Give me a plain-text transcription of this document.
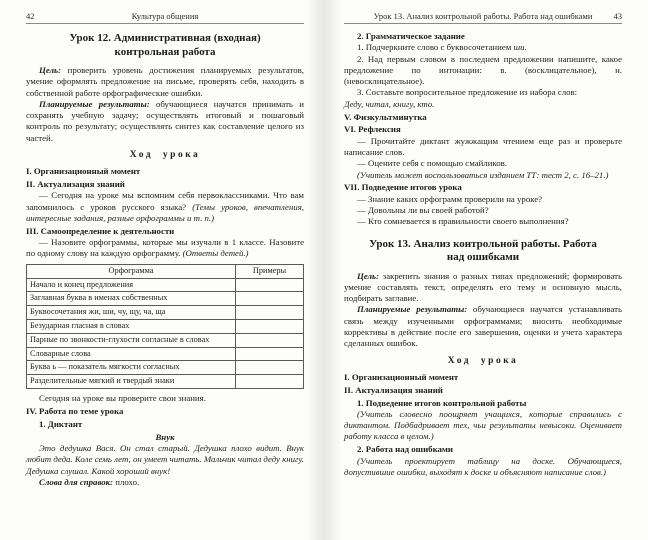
42	Культура общения
Урок 12. Административная (входная) контрольная работа

Цель: проверить уровень достижения планируемых результатов, умение оформлять предложение на письме, проверять себя, находить в собственной работе орфографические ошибки.

Планируемые результаты: обучающиеся научатся принимать и сохранять учебную задачу; осуществлять итоговый и пошаговый контроль по результату; осуществлять синтез как составление целого из частей.

Ход урока

I. Организационный момент

II. Актуализация знаний

— Сегодня на уроке мы вспомним себя первоклассниками. Что вам запомнилось с уроков русского языка? (Темы уроков, впечатления, интересные задания, разные орфограммы и т. п.)

III. Самоопределение к деятельности

— Назовите орфограммы, которые мы изучали в 1 классе. Назовите по одному слову на каждую орфограмму. (Ответы детей.)

Орфограмма	Примеры
Начало и конец предложения	
Заглавная буква в именах собственных	
Буквосочетания жи, ши, чу, щу, ча, ща	
Безударная гласная в словах	
Парные по звонкости-глухости согласные в словах	
Словарные слова	
Буква ь — показатель мягкости согласных	
Разделительные мягкий и твердый знаки	

Сегодня на уроке вы проверите свои знания.

IV. Работа по теме урока

1. Диктант

Внук

Это дедушка Вася. Он стал старый. Дедушка плохо видит. Внук любит деда. Коле семь лет, он умеет читать. Мальчик читал деду книгу. Дедушка слушал. Какой хороший внук!

Слова для справок: плохо.

Урок 13. Анализ контрольной работы. Работа над ошибками	43

2. Грамматическое задание

1. Подчеркните слово с буквосочетанием ши.

2. Над первым словом в последнем предложении напишите, какое предложение по интонации: в. (восклицательное), н. (невосклицательное).

3. Составьте вопросительное предложение из набора слов:

Деду, читал, книгу, кто.

V. Физкультминутка

VI. Рефлексия

— Прочитайте диктант жужжащим чтением еще раз и проверьте написание слов.

— Оцените себя с помощью смайликов.

(Учитель может воспользоваться изданием ТТ: тест 2, с. 16–21.)

VII. Подведение итогов урока

— Знание каких орфограмм проверили на уроке?

— Довольны ли вы своей работой?

— Кто сомневается в правильности своего выполнения?

Урок 13. Анализ контрольной работы. Работа над ошибками

Цель: закрепить знания о разных типах предложений; формировать умение составлять текст, определять его тему и основную мысль, подбирать заглавие.

Планируемые результаты: обучающиеся научатся устанавливать связь между изученными орфограммами; вносить необходимые коррективы в действие после его завершения, оценки и учета характера сделанных ошибок.

Ход урока

I. Организационный момент

II. Актуализация знаний

1. Подведение итогов контрольной работы

(Учитель словесно поощряет учащихся, которые справились с диктантом. Подбадривает тех, чьи результаты невысоки. Оценивает работу класса в целом.)

2. Работа над ошибками

(Учитель проектирует таблицу на доске. Обучающиеся, допустившие ошибки, выходят к доске и объясняют написание слов.)
